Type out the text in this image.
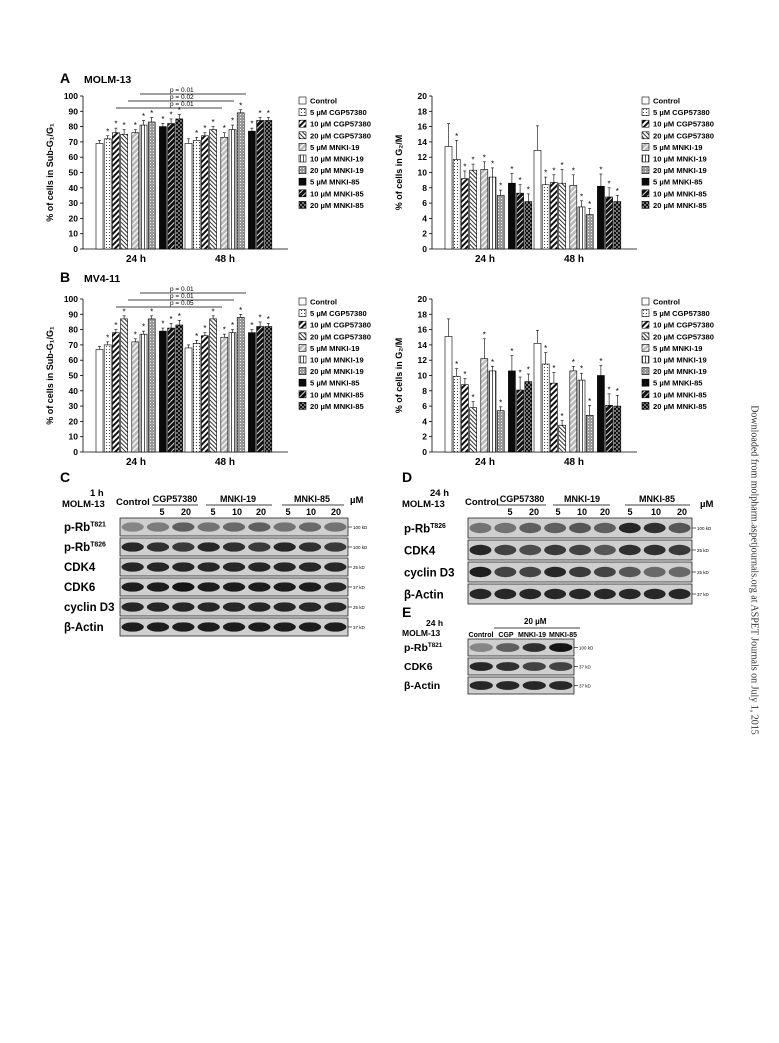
A MOLM-13
B MV4-11
p = 0.01
p = 0.02
p = 0.01
p = 0.01
p = 0.01
p = 0.05
0
10
20
30
40
50
60
70
80
90
100
% of cells in Sub-G₁/G₁	*
* * *
* *
*
*
*
24 h
*
*
*
*
*
*
*
* *
48 h
0
2
4
6
8
10
12
14
16
18
20
% of cells in G₂/M	*
*
* *
*
*
*
*
*
24 h
* *
*
*
*
*
*
*
*
48 h
0
10
20
30
40
50
60
70
80
90
100
% of cells in Sub-G₁/G₁	*
*
*
*
*
*
*
* *
24 h
*
*
*
*
*
*
*
* *
48 h
0
2
4
6
8
10
12
14
16
18
20
% of cells in G₂/M	*
*
*
*
*
*
*
* *
24 h
*
*
*
*
*
*
*
* *
48 h
Control
5 µM CGP57380
10 µM CGP57380
20 µM CGP57380
5 µM MNKI-19
10 µM MNKI-19
20 µM MNKI-19
5 µM MNKI-85
10 µM MNKI-85
20 µM MNKI-85
Control
5 µM CGP57380
10 µM CGP57380
20 µM CGP57380
5 µM MNKI-19
10 µM MNKI-19
20 µM MNKI-19
5 µM MNKI-85
10 µM MNKI-85
20 µM MNKI-85
Control
5 µM CGP57380
10 µM CGP57380
20 µM CGP57380
5 µM MNKI-19
10 µM MNKI-19
20 µM MNKI-19
5 µM MNKI-85
10 µM MNKI-85
20 µM MNKI-85
Control
5 µM CGP57380
10 µM CGP57380
20 µM CGP57380
5 µM MNKI-19
10 µM MNKI-19
20 µM MNKI-19
5 µM MNKI-85
10 µM MNKI-85
20 µM MNKI-85
C
1 h
MOLM-13 Control	µM
CGP57380	MNKI-19	MNKI-85
5 20 5 10 20 5 10 20
$p-Rb^{T821}$	100 kD
$p-Rb^{T826}$	100 kD
CDK4	25 kD
CDK6	37 kD
cyclin D3	25 kD
β-Actin	37 kD
D
24 h
MOLM-13 Control	µM
CGP57380 MNKI-19	MNKI-85
5 20 5 10 20 5 10 20
$p-Rb^{T826}$	100 kD
CDK4	25 kD
cyclin D3	25 kD
β-Actin	37 kD
E
24 h
MOLM-13
20 µM
Control CGP MNKI-19 MNKI-85
$p-Rb^{T821}$	100 kD
CDK6	37 kD
β-Actin	37 kD	Downloaded from molpharm.aspetjournals.org at ASPET Journals on July 1, 2015
